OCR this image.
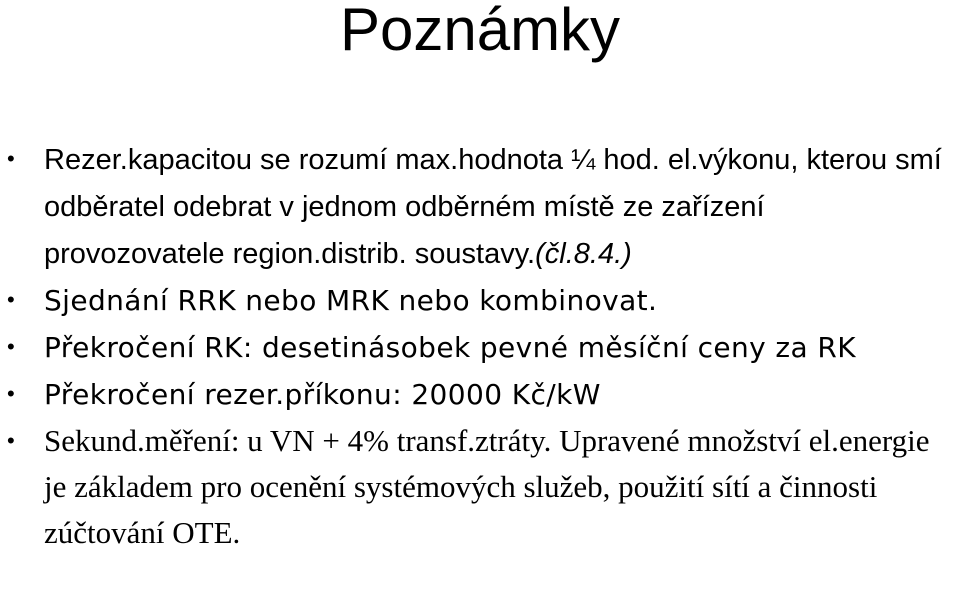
Poznámky
• Rezer.kapacitou se rozumí max.hodnota ¼ hod. el.výkonu, kterou smí odběratel odebrat v jednom odběrném místě ze zařízení provozovatele region.distrib. soustavy.(čl.8.4.)
• Sjednání RRK nebo MRK nebo kombinovat.
• Překročení RK: desetinásobek pevné měsíční ceny za RK
• Překročení rezer.příkonu: 20000 Kč/kW
• Sekund.měření: u VN + 4% transf.ztráty. Upravené množství el.energie je základem pro ocenění systémových služeb, použití sítí a činnosti zúčtování OTE.
